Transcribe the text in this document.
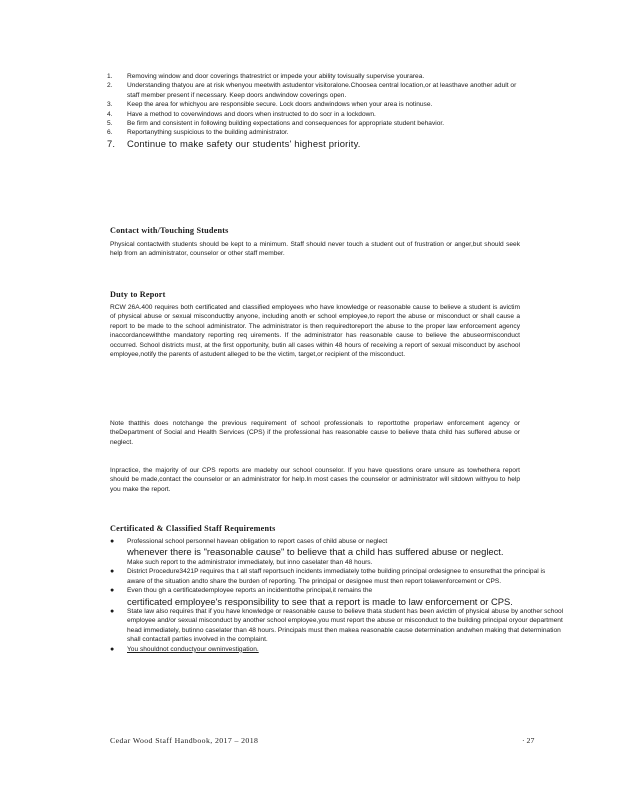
1. Removing window and door coverings thatrestrict or impede your ability tovisually supervise yourarea.
2. Understanding thatyou are at risk whenyou meetwith astudentor visitoralone.Choosea central location,or at leasthave another adult or staff member present if necessary. Keep doors andwindow coverings open.
3. Keep the area for whichyou are responsible secure. Lock doors andwindows when your area is notinuse.
4. Have a method to coverwindows and doors when instructed to do socr in a lockdown.
5. Be firm and consistent in following building expectations and consequences for appropriate student behavior.
6. Reportanything suspicious to the building administrator.
7. Continue to make safety our students' highest priority.
Contact with/Touching Students

Physical contactwith students should be kept to a minimum. Staff should never touch a student out of frustration or anger,but should seek help from an administrator, counselor or other staff member.

Duty to Report

RCW 26A.400 requires both certificated and classified employees who have knowledge or reasonable cause to believe a student is avictim of physical abuse or sexual misconductby anyone, including anoth er school employee,to report the abuse or misconduct or shall cause a report to be made to the school administrator. The administrator is then requiredtoreport the abuse to the proper law enforcement agency inaccordancewiththe mandatory reporting req uirements. If the administrator has reasonable cause to believe the abuseormisconduct occurred. School districts must, at the first opportunity, butin all cases within 48 hours of receiving a report of sexual misconduct by aschool employee,notify the parents of astudent alleged to be the victim, target,or recipient of the misconduct.

Note thatthis does notchange the previous requirement of school professionals to reporttothe properlaw enforcement agency or theDepartment of Social and Health Services (CPS) if the professional has reasonable cause to believe thata child has suffered abuse or neglect.

Inpractice, the majority of our CPS reports are madeby our school counselor. If you have questions orare unsure as towhethera report should be made,contact the counselor or an administrator for help.In most cases the counselor or administrator will sitdown withyou to help you make the report.

Certificated & Classified Staff Requirements
● Professional school personnel havean obligation to report cases of child abuse or neglect
whenever there is "reasonable cause" to believe that a child has suffered abuse or neglect.
Make such report to the administrator immediately, but inno caselater than 48 hours.
● District Procedure3421P requires tha t all staff reportsuch incidents immediately tothe building principal ordesignee to ensurethat the principal is aware of the situation andto share the burden of reporting. The principal or designee must then report tolawenforcement or CPS.
● Even thou gh a certificatedemployee reports an incidenttothe principal,it remains the
certificated employee's responsibility to see that a report is made to law enforcement or CPS.
● State law also requires that if you have knowledge or reasonable cause to believe thata student has been avictim of physical abuse by another school employee and/or sexual misconduct by another school employee,you must report the abuse or misconduct to the building principal oryour department head immediately, butinno caselater than 48 hours. Principals must then makea reasonable cause determination andwhen making that determination shall contactall parties involved in the complaint.
● You shouldnot conductyour owninvestigation.
Cedar Wood Staff Handbook, 2017 – 2018	· 27
